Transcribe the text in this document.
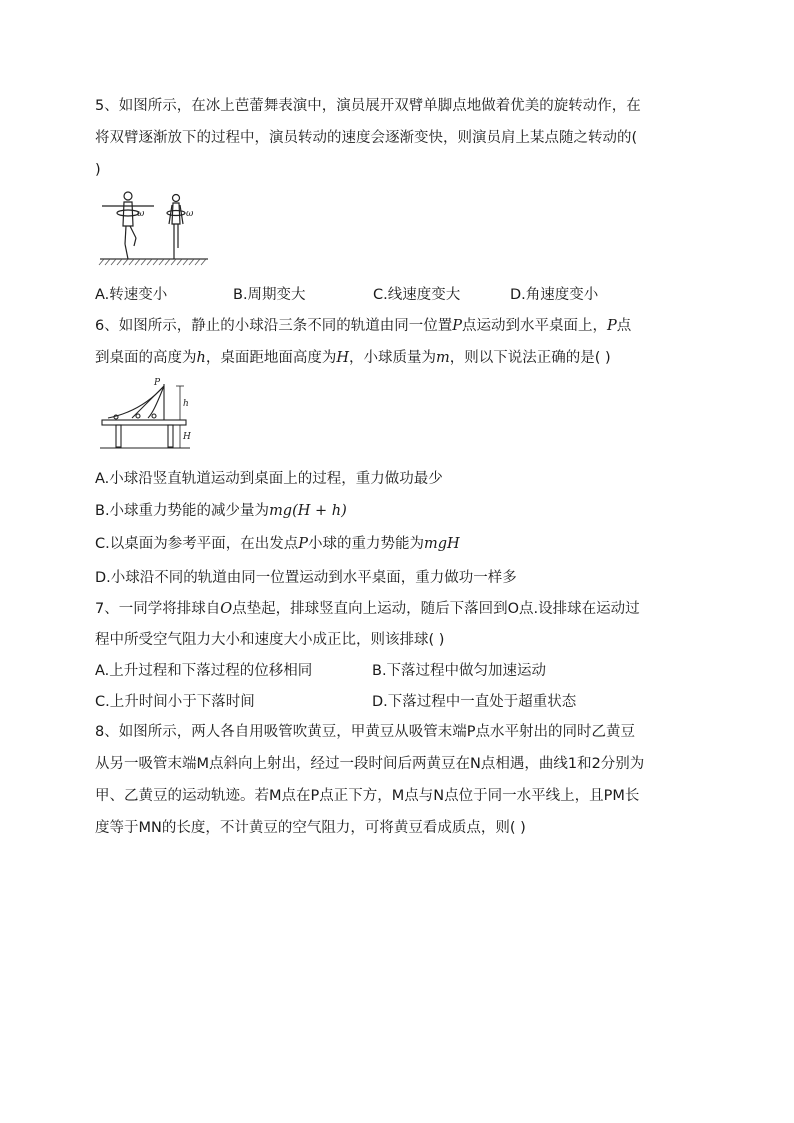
5、如图所示，在冰上芭蕾舞表演中，演员展开双臂单脚点地做着优美的旋转动作，在
将双臂逐渐放下的过程中，演员转动的速度会逐渐变快，则演员肩上某点随之转动的(
)
ω	ω
A.转速变小	B.周期变大	C.线速度变大	D.角速度变小
6、如图所示，静止的小球沿三条不同的轨道由同一位置P点运动到水平桌面上，P点
到桌面的高度为h，桌面距地面高度为H，小球质量为m，则以下说法正确的是( )
P
h
H
A.小球沿竖直轨道运动到桌面上的过程，重力做功最少
B.小球重力势能的减少量为mg(H + h)
C.以桌面为参考平面，在出发点P小球的重力势能为mgH
D.小球沿不同的轨道由同一位置运动到水平桌面，重力做功一样多
7、一同学将排球自O点垫起，排球竖直向上运动，随后下落回到O点.设排球在运动过
程中所受空气阻力大小和速度大小成正比，则该排球( )
A.上升过程和下落过程的位移相同	B.下落过程中做匀加速运动
C.上升时间小于下落时间	D.下落过程中一直处于超重状态
8、如图所示，两人各自用吸管吹黄豆，甲黄豆从吸管末端P点水平射出的同时乙黄豆
从另一吸管末端M点斜向上射出，经过一段时间后两黄豆在N点相遇，曲线1和2分别为
甲、乙黄豆的运动轨迹。若M点在P点正下方，M点与N点位于同一水平线上，且PM长
度等于MN的长度，不计黄豆的空气阻力，可将黄豆看成质点，则( )
